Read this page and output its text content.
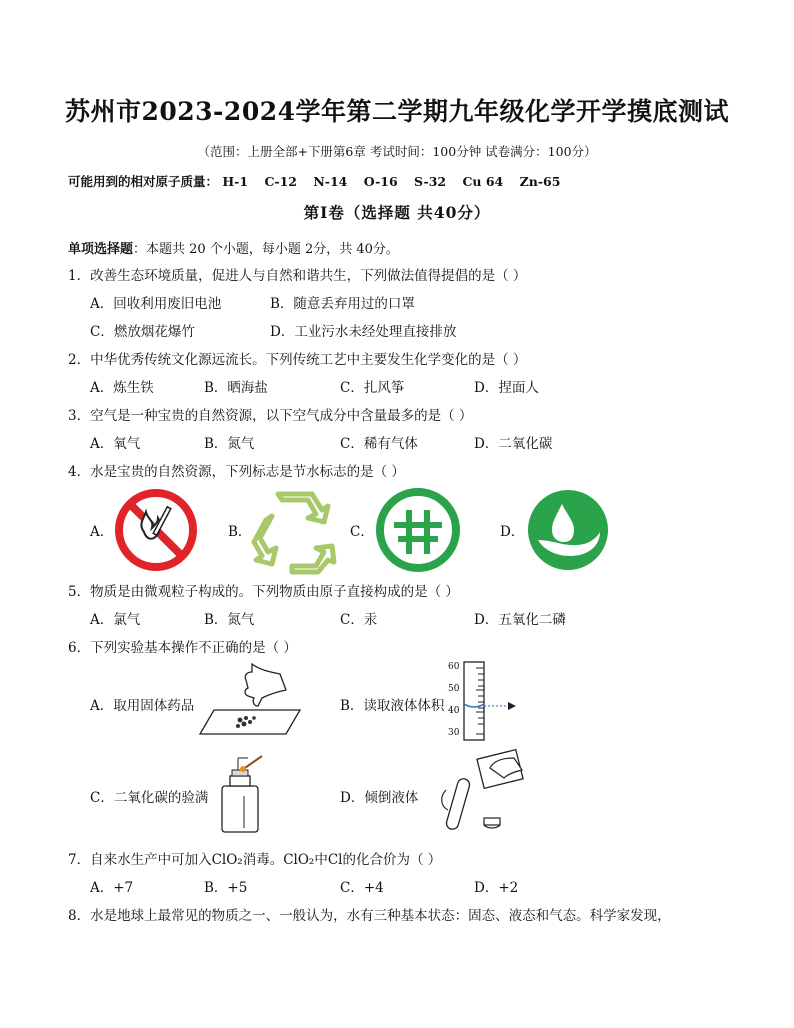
苏州市2023-2024学年第二学期九年级化学开学摸底测试
（范围：上册全部+下册第6章 考试时间：100分钟 试卷满分：100分）
可能用到的相对原子质量： H-1 C-12 N-14 O-16 S-32 Cu 64 Zn-65
第Ⅰ卷（选择题 共40分）
单项选择题：本题共 20 个小题，每小题 2分，共 40分。
1．改善生态环境质量，促进人与自然和谐共生，下列做法值得提倡的是（ ）
A．回收利用废旧电池	B．随意丢弃用过的口罩
C．燃放烟花爆竹	D．工业污水未经处理直接排放
2．中华优秀传统文化源远流长。下列传统工艺中主要发生化学变化的是（ ）
A．炼生铁	B．晒海盐	C．扎风筝	D．捏面人
3．空气是一种宝贵的自然资源，以下空气成分中含量最多的是（ ）
A．氧气	B．氮气	C．稀有气体	D．二氧化碳
4．水是宝贵的自然资源，下列标志是节水标志的是（ ）
A．	B．	C．	D．
5．物质是由微观粒子构成的。下列物质由原子直接构成的是（ ）
A．氯气	B．氮气	C．汞	D．五氧化二磷
6．下列实验基本操作不正确的是（ ）
A．取用固体药品	B．读取液体体积
C．二氧化碳的验满	D．倾倒液体
60
50
40
30
7．自来水生产中可加入ClO₂消毒。ClO₂中Cl的化合价为（ ）
A．+7	B．+5	C．+4	D．+2
8．水是地球上最常见的物质之一、一般认为，水有三种基本状态：固态、液态和气态。科学家发现，
